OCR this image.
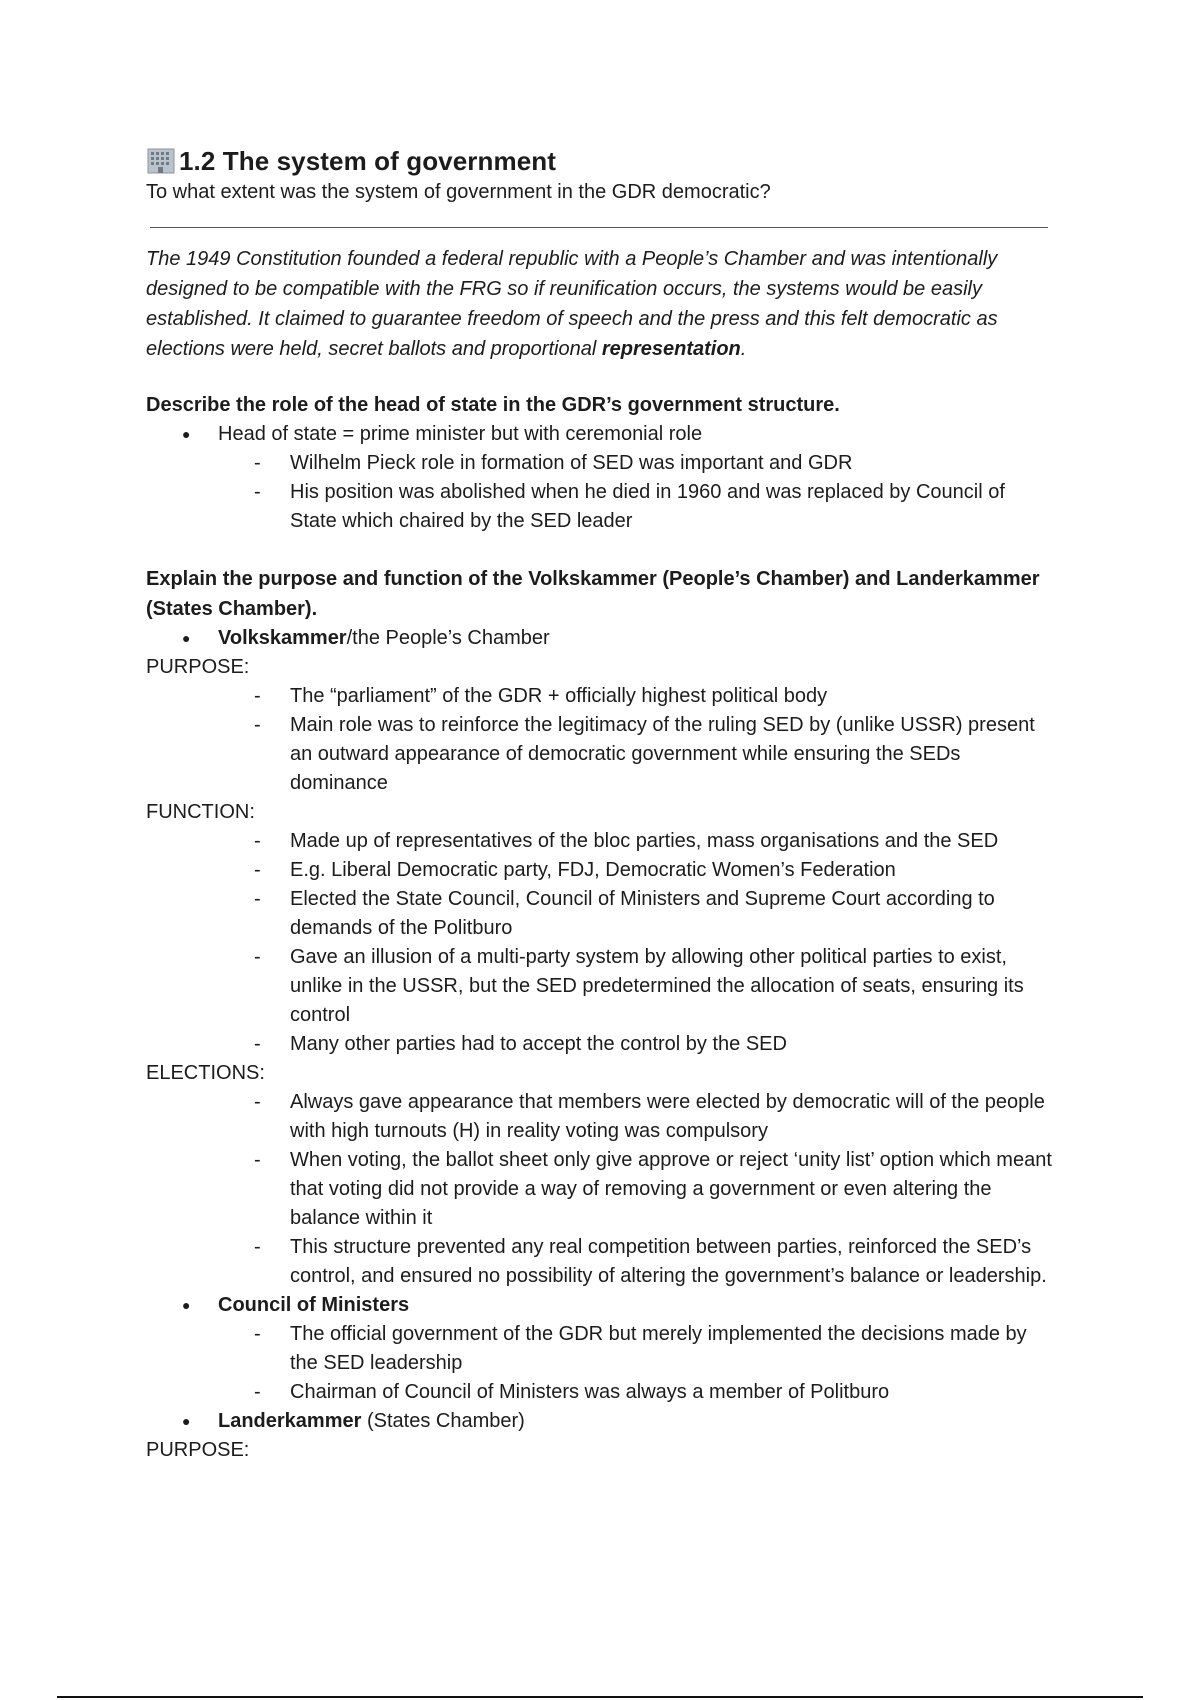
1.2 The system of government
To what extent was the system of government in the GDR democratic?
The 1949 Constitution founded a federal republic with a People’s Chamber and was intentionally designed to be compatible with the FRG so if reunification occurs, the systems would be easily established. It claimed to guarantee freedom of speech and the press and this felt democratic as elections were held, secret ballots and proportional representation.
Describe the role of the head of state in the GDR’s government structure.
● Head of state = prime minister but with ceremonial role
- Wilhelm Pieck role in formation of SED was important and GDR
- His position was abolished when he died in 1960 and was replaced by Council of State which chaired by the SED leader
Explain the purpose and function of the Volkskammer (People’s Chamber) and Landerkammer (States Chamber).
● Volkskammer/the People’s Chamber
PURPOSE:
- The “parliament” of the GDR + officially highest political body
- Main role was to reinforce the legitimacy of the ruling SED by (unlike USSR) present an outward appearance of democratic government while ensuring the SEDs dominance
FUNCTION:
- Made up of representatives of the bloc parties, mass organisations and the SED
- E.g. Liberal Democratic party, FDJ, Democratic Women’s Federation
- Elected the State Council, Council of Ministers and Supreme Court according to demands of the Politburo
- Gave an illusion of a multi-party system by allowing other political parties to exist, unlike in the USSR, but the SED predetermined the allocation of seats, ensuring its control
- Many other parties had to accept the control by the SED
ELECTIONS:
- Always gave appearance that members were elected by democratic will of the people with high turnouts (H) in reality voting was compulsory
- When voting, the ballot sheet only give approve or reject ‘unity list’ option which meant that voting did not provide a way of removing a government or even altering the balance within it
- This structure prevented any real competition between parties, reinforced the SED’s control, and ensured no possibility of altering the government’s balance or leadership.
● Council of Ministers
- The official government of the GDR but merely implemented the decisions made by the SED leadership
- Chairman of Council of Ministers was always a member of Politburo
● Landerkammer (States Chamber)
PURPOSE:
